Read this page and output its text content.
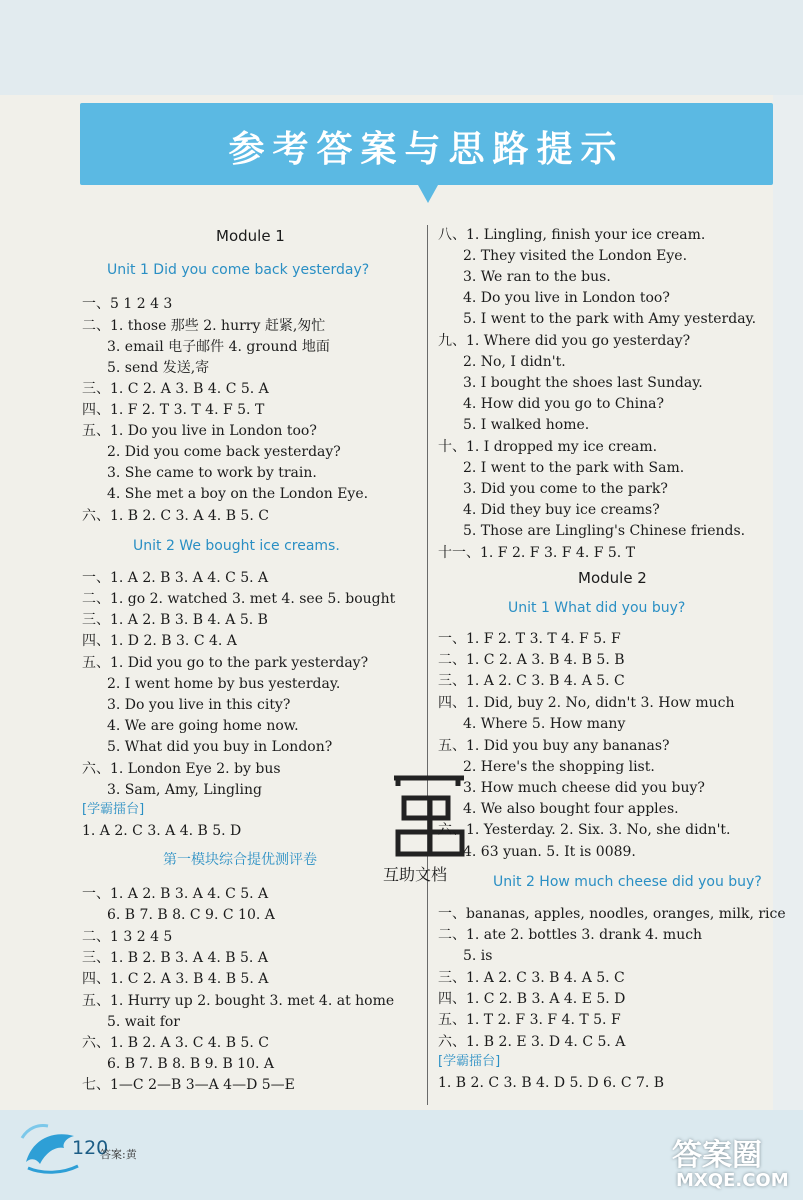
参考答案与思路提示
互助文档
120
答案:黄	答案圈
MXQE.COM
Module 1
Unit 1 Did you come back yesterday?
一、5 1 2 4 3
二、1. those 那些 2. hurry 赶紧,匆忙
3. email 电子邮件 4. ground 地面
5. send 发送,寄
三、1. C 2. A 3. B 4. C 5. A
四、1. F 2. T 3. T 4. F 5. T
五、1. Do you live in London too?
2. Did you come back yesterday?
3. She came to work by train.
4. She met a boy on the London Eye.
六、1. B 2. C 3. A 4. B 5. C
Unit 2 We bought ice creams.
一、1. A 2. B 3. A 4. C 5. A
二、1. go 2. watched 3. met 4. see 5. bought
三、1. A 2. B 3. B 4. A 5. B
四、1. D 2. B 3. C 4. A
五、1. Did you go to the park yesterday?
2. I went home by bus yesterday.
3. Do you live in this city?
4. We are going home now.
5. What did you buy in London?
六、1. London Eye 2. by bus
3. Sam, Amy, Lingling
[学霸擂台]
1. A 2. C 3. A 4. B 5. D
第一模块综合提优测评卷
一、1. A 2. B 3. A 4. C 5. A
6. B 7. B 8. C 9. C 10. A
二、1 3 2 4 5
三、1. B 2. B 3. A 4. B 5. A
四、1. C 2. A 3. B 4. B 5. A
五、1. Hurry up 2. bought 3. met 4. at home
5. wait for
六、1. B 2. A 3. C 4. B 5. C
6. B 7. B 8. B 9. B 10. A
七、1—C 2—B 3—A 4—D 5—E
八、1. Lingling, finish your ice cream.
2. They visited the London Eye.
3. We ran to the bus.
4. Do you live in London too?
5. I went to the park with Amy yesterday.
九、1. Where did you go yesterday?
2. No, I didn't.
3. I bought the shoes last Sunday.
4. How did you go to China?
5. I walked home.
十、1. I dropped my ice cream.
2. I went to the park with Sam.
3. Did you come to the park?
4. Did they buy ice creams?
5. Those are Lingling's Chinese friends.
十一、1. F 2. F 3. F 4. F 5. T
Module 2
Unit 1 What did you buy?
一、1. F 2. T 3. T 4. F 5. F
二、1. C 2. A 3. B 4. B 5. B
三、1. A 2. C 3. B 4. A 5. C
四、1. Did, buy 2. No, didn't 3. How much
4. Where 5. How many
五、1. Did you buy any bananas?
2. Here's the shopping list.
3. How much cheese did you buy?
4. We also bought four apples.
六、1. Yesterday. 2. Six. 3. No, she didn't.
4. 63 yuan. 5. It is 0089.
Unit 2 How much cheese did you buy?
一、bananas, apples, noodles, oranges, milk, rice
二、1. ate 2. bottles 3. drank 4. much
5. is
三、1. A 2. C 3. B 4. A 5. C
四、1. C 2. B 3. A 4. E 5. D
五、1. T 2. F 3. F 4. T 5. F
六、1. B 2. E 3. D 4. C 5. A
[学霸擂台]
1. B 2. C 3. B 4. D 5. D 6. C 7. B
